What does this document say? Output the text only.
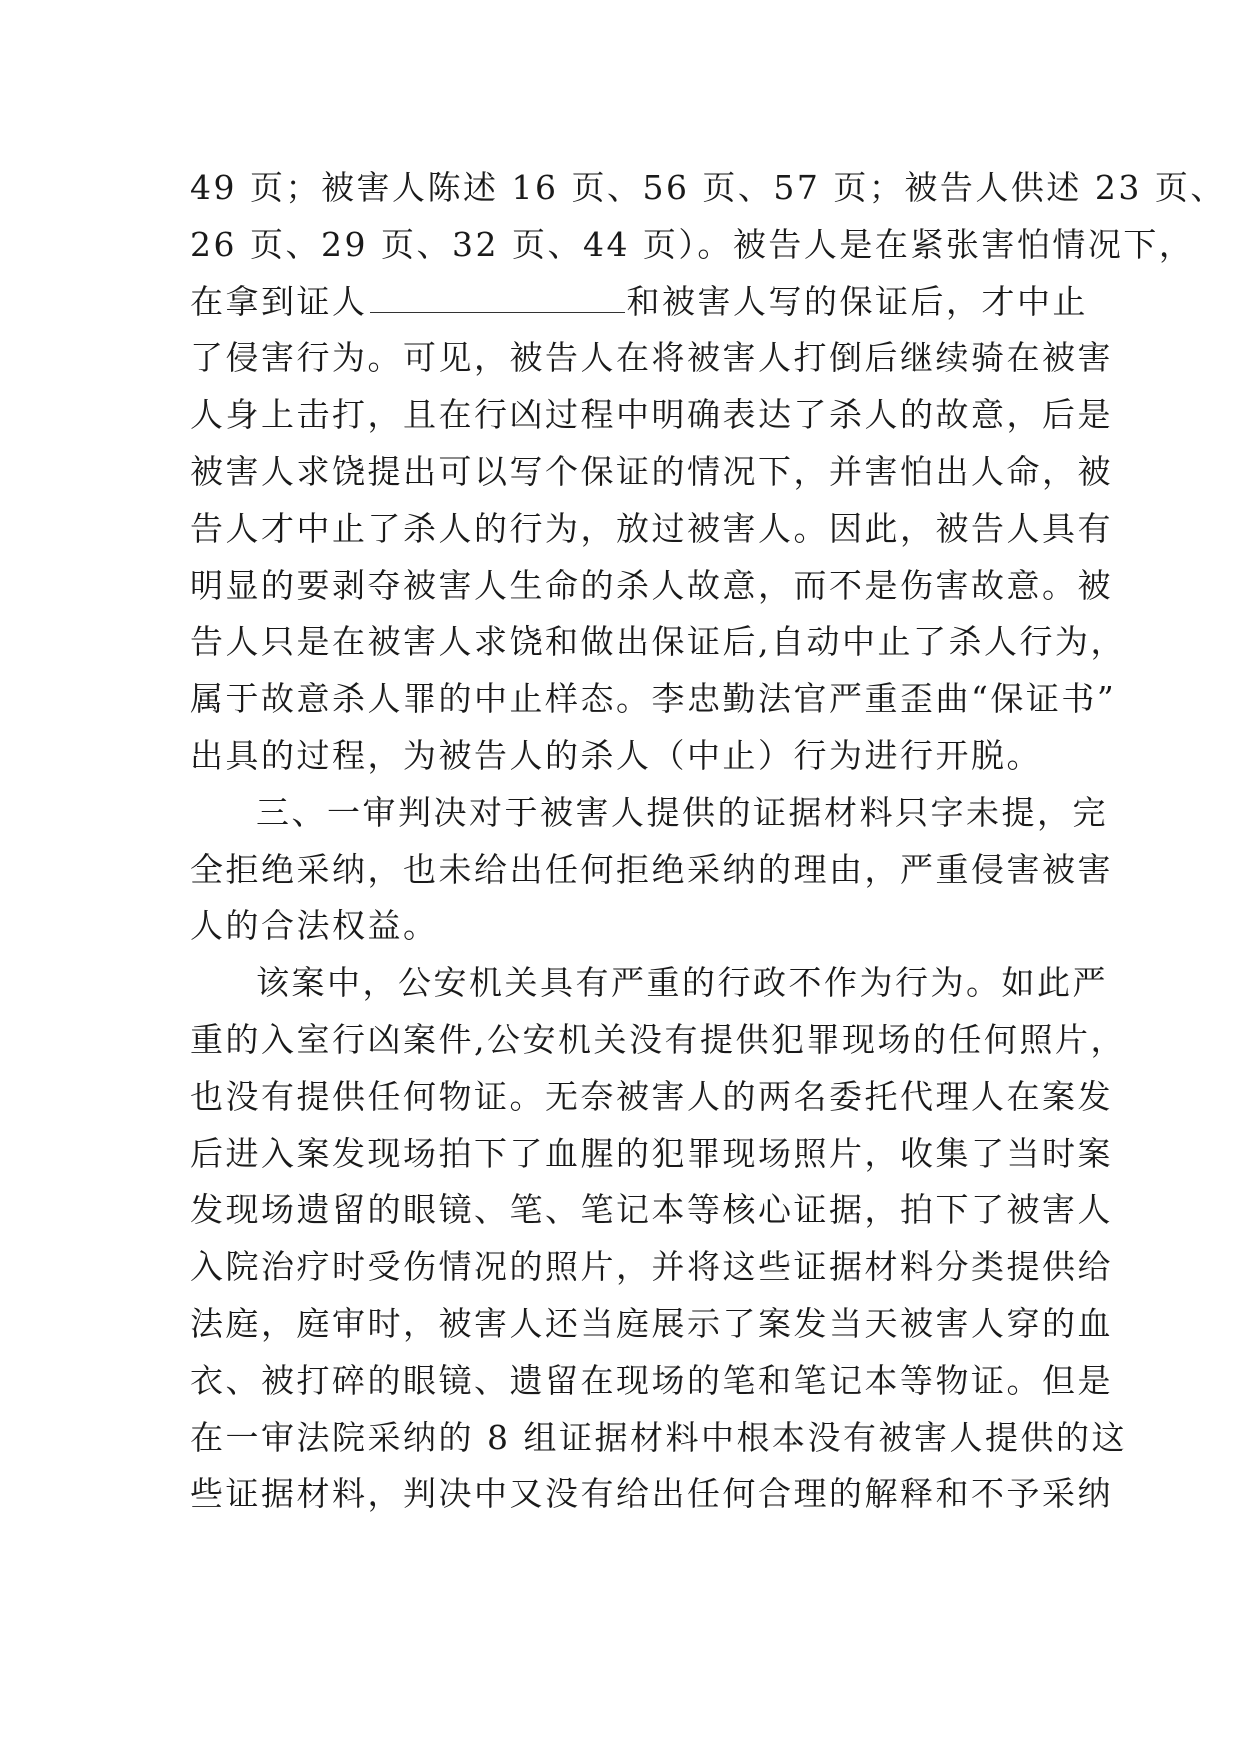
49 页；被害人陈述 16 页、56 页、57 页；被告人供述 23 页、
26 页、29 页、32 页、44 页）。被告人是在紧张害怕情况下，
在拿到证人	和被害人写的保证后，才中止
了侵害行为。可见，被告人在将被害人打倒后继续骑在被害
人身上击打，且在行凶过程中明确表达了杀人的故意，后是
被害人求饶提出可以写个保证的情况下，并害怕出人命，被
告人才中止了杀人的行为，放过被害人。因此，被告人具有
明显的要剥夺被害人生命的杀人故意，而不是伤害故意。被
告人只是在被害人求饶和做出保证后,自动中止了杀人行为，
属于故意杀人罪的中止样态。李忠勤法官严重歪曲“保证书”
出具的过程，为被告人的杀人（中止）行为进行开脱。
三、一审判决对于被害人提供的证据材料只字未提，完
全拒绝采纳，也未给出任何拒绝采纳的理由，严重侵害被害
人的合法权益。
该案中，公安机关具有严重的行政不作为行为。如此严
重的入室行凶案件,公安机关没有提供犯罪现场的任何照片，
也没有提供任何物证。无奈被害人的两名委托代理人在案发
后进入案发现场拍下了血腥的犯罪现场照片，收集了当时案
发现场遗留的眼镜、笔、笔记本等核心证据，拍下了被害人
入院治疗时受伤情况的照片，并将这些证据材料分类提供给
法庭，庭审时，被害人还当庭展示了案发当天被害人穿的血
衣、被打碎的眼镜、遗留在现场的笔和笔记本等物证。但是
在一审法院采纳的 8 组证据材料中根本没有被害人提供的这
些证据材料，判决中又没有给出任何合理的解释和不予采纳
